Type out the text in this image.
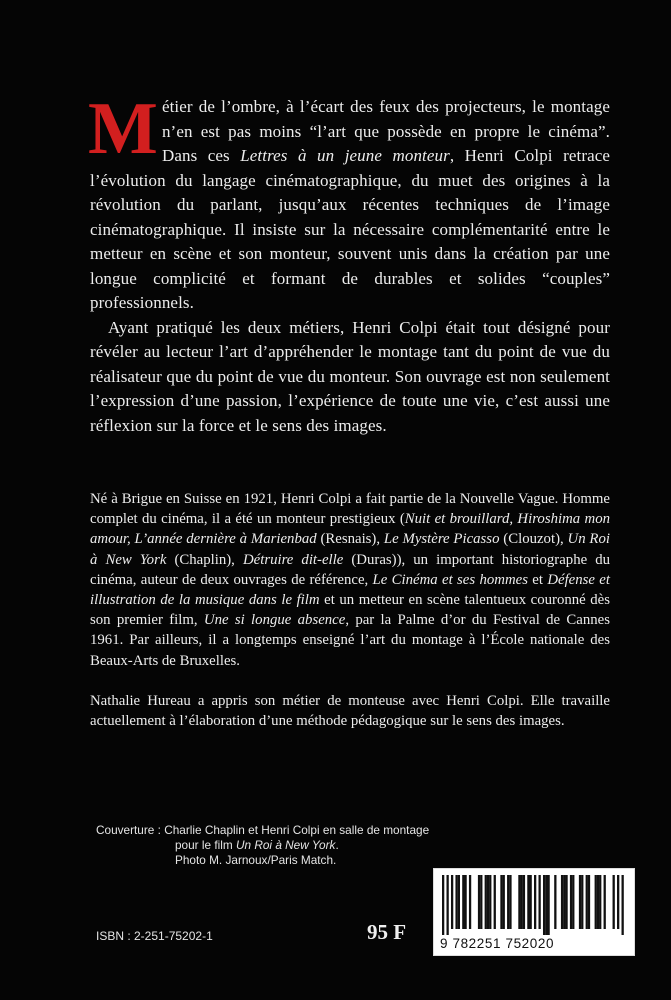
M étier de l’ombre, à l’écart des feux des projecteurs, le montage n’en est pas moins “l’art que possède en propre le cinéma”. Dans ces Lettres à un jeune monteur, Henri Colpi retrace l’évolution du langage cinématographique, du muet des origines à la révolution du parlant, jusqu’aux récentes techniques de l’image cinématographique. Il insiste sur la nécessaire complémentarité entre le metteur en scène et son monteur, souvent unis dans la création par une longue complicité et formant de durables et solides “couples” professionnels.

Ayant pratiqué les deux métiers, Henri Colpi était tout désigné pour révéler au lecteur l’art d’appréhender le montage tant du point de vue du réalisateur que du point de vue du monteur. Son ouvrage est non seulement l’expression d’une passion, l’expérience de toute une vie, c’est aussi une réflexion sur la force et le sens des images.

Né à Brigue en Suisse en 1921, Henri Colpi a fait partie de la Nouvelle Vague. Homme complet du cinéma, il a été un monteur prestigieux (Nuit et brouillard, Hiroshima mon amour, L’année dernière à Marienbad (Resnais), Le Mystère Picasso (Clouzot), Un Roi à New York (Chaplin), Détruire dit-elle (Duras)), un important historiographe du cinéma, auteur de deux ouvrages de référence, Le Cinéma et ses hommes et Défense et illustration de la musique dans le film et un metteur en scène talentueux couronné dès son premier film, Une si longue absence, par la Palme d’or du Festival de Cannes 1961. Par ailleurs, il a longtemps enseigné l’art du montage à l’École nationale des Beaux-Arts de Bruxelles.

Nathalie Hureau a appris son métier de monteuse avec Henri Colpi. Elle travaille actuellement à l’élaboration d’une méthode pédagogique sur le sens des images.

Couverture :
Charlie Chaplin et Henri Colpi en salle de montage
pour le film Un Roi à New York.
Photo M. Jarnoux/Paris Match.
ISBN : 2-251-75202-1	95 F	9 782251 752020
